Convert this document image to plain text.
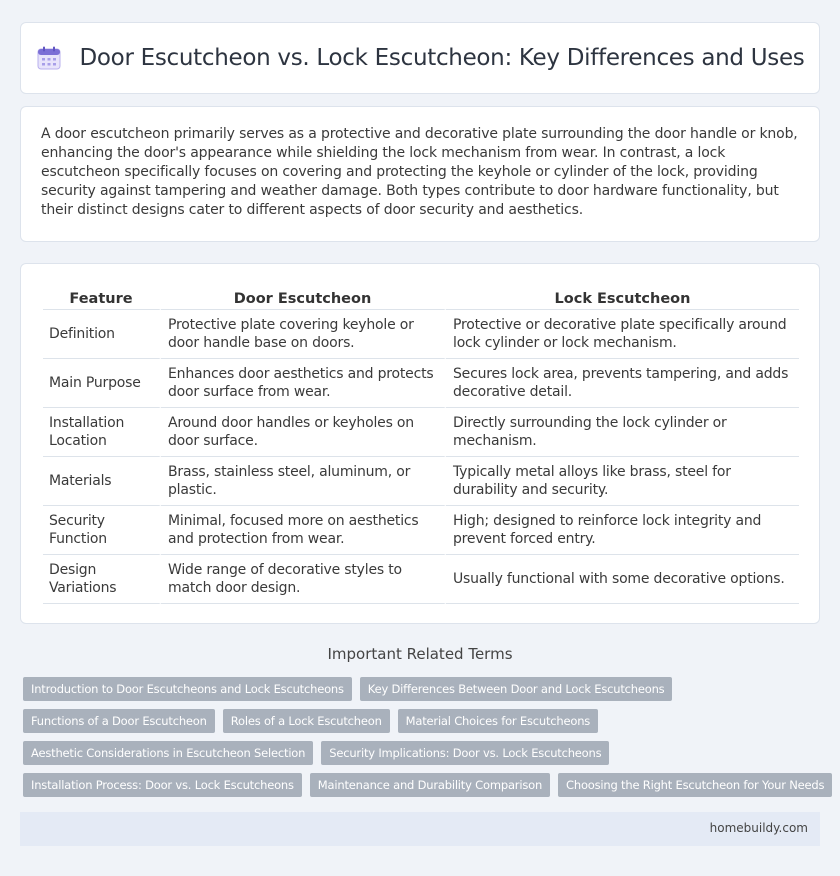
Door Escutcheon vs. Lock Escutcheon: Key Differences and Uses

A door escutcheon primarily serves as a protective and decorative plate surrounding the door handle or knob, enhancing the door's appearance while shielding the lock mechanism from wear. In contrast, a lock escutcheon specifically focuses on covering and protecting the keyhole or cylinder of the lock, providing security against tampering and weather damage. Both types contribute to door hardware functionality, but their distinct designs cater to different aspects of door security and aesthetics.

Feature	Door Escutcheon	Lock Escutcheon
Definition	Protective plate covering keyhole or door handle base on doors.	Protective or decorative plate specifically around lock cylinder or lock mechanism.
Main Purpose	Enhances door aesthetics and protects door surface from wear.	Secures lock area, prevents tampering, and adds decorative detail.
Installation Location	Around door handles or keyholes on door surface.	Directly surrounding the lock cylinder or mechanism.
Materials	Brass, stainless steel, aluminum, or plastic.	Typically metal alloys like brass, steel for durability and security.
Security Function	Minimal, focused more on aesthetics and protection from wear.	High; designed to reinforce lock integrity and prevent forced entry.
Design Variations	Wide range of decorative styles to match door design.	Usually functional with some decorative options.
Important Related Terms
Introduction to Door Escutcheons and Lock Escutcheons	Key Differences Between Door and Lock Escutcheons
Functions of a Door Escutcheon	Roles of a Lock Escutcheon	Material Choices for Escutcheons
Aesthetic Considerations in Escutcheon Selection	Security Implications: Door vs. Lock Escutcheons
Installation Process: Door vs. Lock Escutcheons	Maintenance and Durability Comparison	Choosing the Right Escutcheon for Your Needs
homebuildy.com
